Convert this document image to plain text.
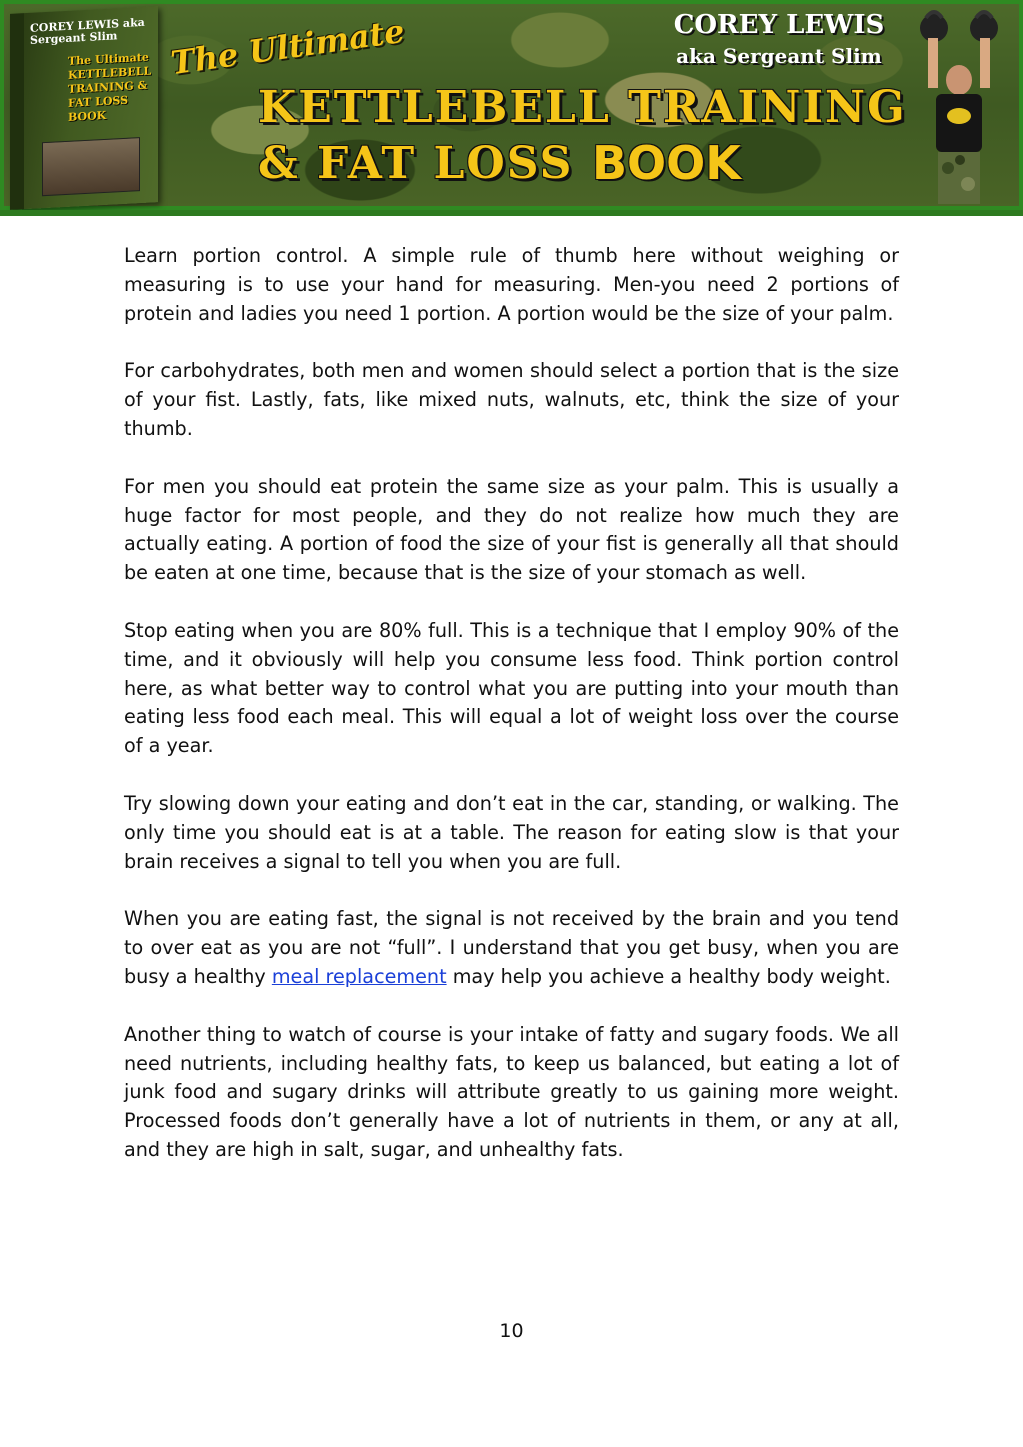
COREY LEWIS aka Sergeant Slim
The Ultimate KETTLEBELL TRAINING & FAT LOSS BOOK
The Ultimate
KETTLEBELL TRAINING
& FAT LOSS BOOK
COREY LEWIS
aka Sergeant Slim

Learn portion control. A simple rule of thumb here without weighing or measuring is to use your hand for measuring. Men-you need 2 portions of protein and ladies you need 1 portion. A portion would be the size of your palm.

For carbohydrates, both men and women should select a portion that is the size of your fist. Lastly, fats, like mixed nuts, walnuts, etc, think the size of your thumb.

For men you should eat protein the same size as your palm. This is usually a huge factor for most people, and they do not realize how much they are actually eating. A portion of food the size of your fist is generally all that should be eaten at one time, because that is the size of your stomach as well.

Stop eating when you are 80% full. This is a technique that I employ 90% of the time, and it obviously will help you consume less food. Think portion control here, as what better way to control what you are putting into your mouth than eating less food each meal. This will equal a lot of weight loss over the course of a year.

Try slowing down your eating and don’t eat in the car, standing, or walking. The only time you should eat is at a table. The reason for eating slow is that your brain receives a signal to tell you when you are full.

When you are eating fast, the signal is not received by the brain and you tend to over eat as you are not “full”. I understand that you get busy, when you are busy a healthy meal replacement may help you achieve a healthy body weight.

Another thing to watch of course is your intake of fatty and sugary foods. We all need nutrients, including healthy fats, to keep us balanced, but eating a lot of junk food and sugary drinks will attribute greatly to us gaining more weight. Processed foods don’t generally have a lot of nutrients in them, or any at all, and they are high in salt, sugar, and unhealthy fats.

10
